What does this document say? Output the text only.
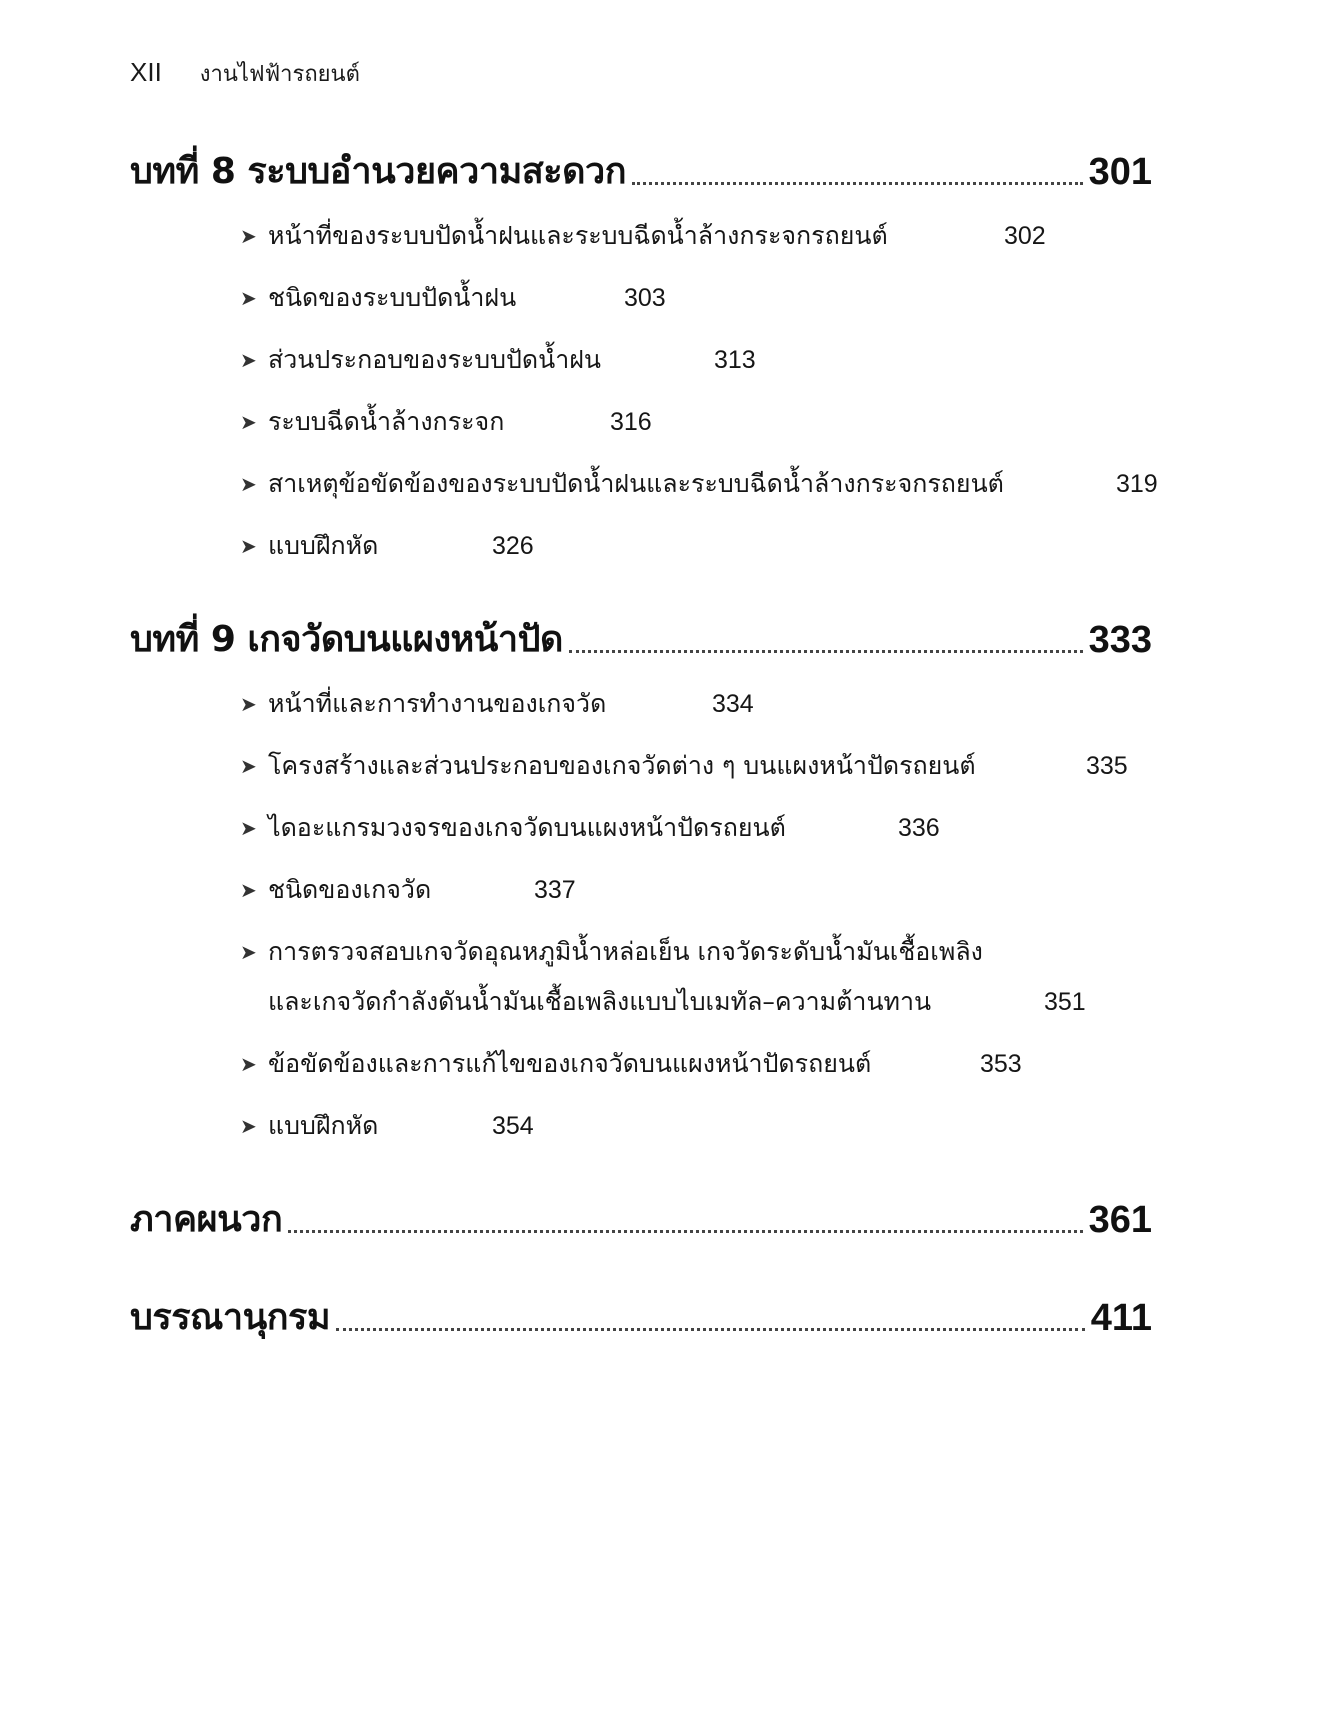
XII งานไฟฟ้ารถยนต์
บทที่ 8 ระบบอำนวยความสะดวก	301
➤ หน้าที่ของระบบปัดน้ำฝนและระบบฉีดน้ำล้างกระจกรถยนต์	302
➤ ชนิดของระบบปัดน้ำฝน	303
➤ ส่วนประกอบของระบบปัดน้ำฝน	313
➤ ระบบฉีดน้ำล้างกระจก	316
➤ สาเหตุข้อขัดข้องของระบบปัดน้ำฝนและระบบฉีดน้ำล้างกระจกรถยนต์	319
➤ แบบฝึกหัด	326
บทที่ 9 เกจวัดบนแผงหน้าปัด	333
➤ หน้าที่และการทำงานของเกจวัด	334
➤ โครงสร้างและส่วนประกอบของเกจวัดต่าง ๆ บนแผงหน้าปัดรถยนต์	335
➤ ไดอะแกรมวงจรของเกจวัดบนแผงหน้าปัดรถยนต์	336
➤ ชนิดของเกจวัด	337
➤ การตรวจสอบเกจวัดอุณหภูมิน้ำหล่อเย็น เกจวัดระดับน้ำมันเชื้อเพลิง
และเกจวัดกำลังดันน้ำมันเชื้อเพลิงแบบไบเมทัล–ความต้านทาน	351
➤ ข้อขัดข้องและการแก้ไขของเกจวัดบนแผงหน้าปัดรถยนต์	353
➤ แบบฝึกหัด	354
ภาคผนวก	361
บรรณานุกรม	411
